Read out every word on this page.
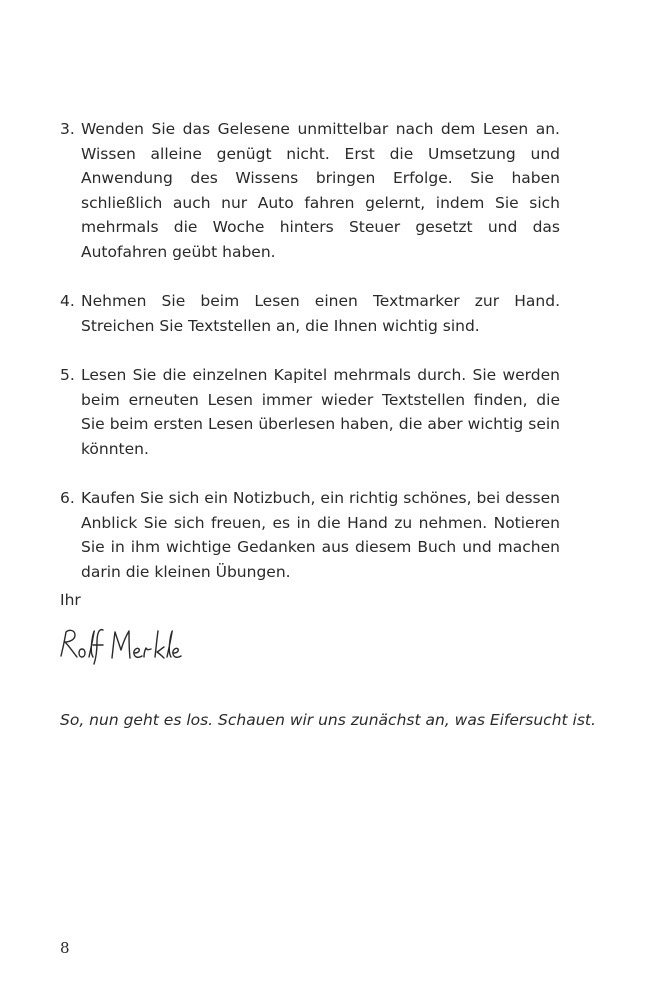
3. Wenden Sie das Gelesene unmittelbar nach dem Lesen an. Wissen alleine genügt nicht. Erst die Umsetzung und Anwendung des Wissens bringen Erfolge. Sie haben schließlich auch nur Auto fahren gelernt, indem Sie sich mehrmals die Woche hinters Steuer gesetzt und das Autofahren geübt haben.
4. Nehmen Sie beim Lesen einen Textmarker zur Hand. Streichen Sie Textstellen an, die Ihnen wichtig sind.
5. Lesen Sie die einzelnen Kapitel mehrmals durch. Sie werden beim erneuten Lesen immer wieder Textstellen finden, die Sie beim ersten Lesen überlesen haben, die aber wichtig sein könnten.
6. Kaufen Sie sich ein Notizbuch, ein richtig schönes, bei dessen Anblick Sie sich freuen, es in die Hand zu nehmen. Notieren Sie in ihm wichtige Gedanken aus diesem Buch und machen darin die kleinen Übungen.
Ihr
So, nun geht es los. Schauen wir uns zunächst an, was Eifersucht ist.
8
